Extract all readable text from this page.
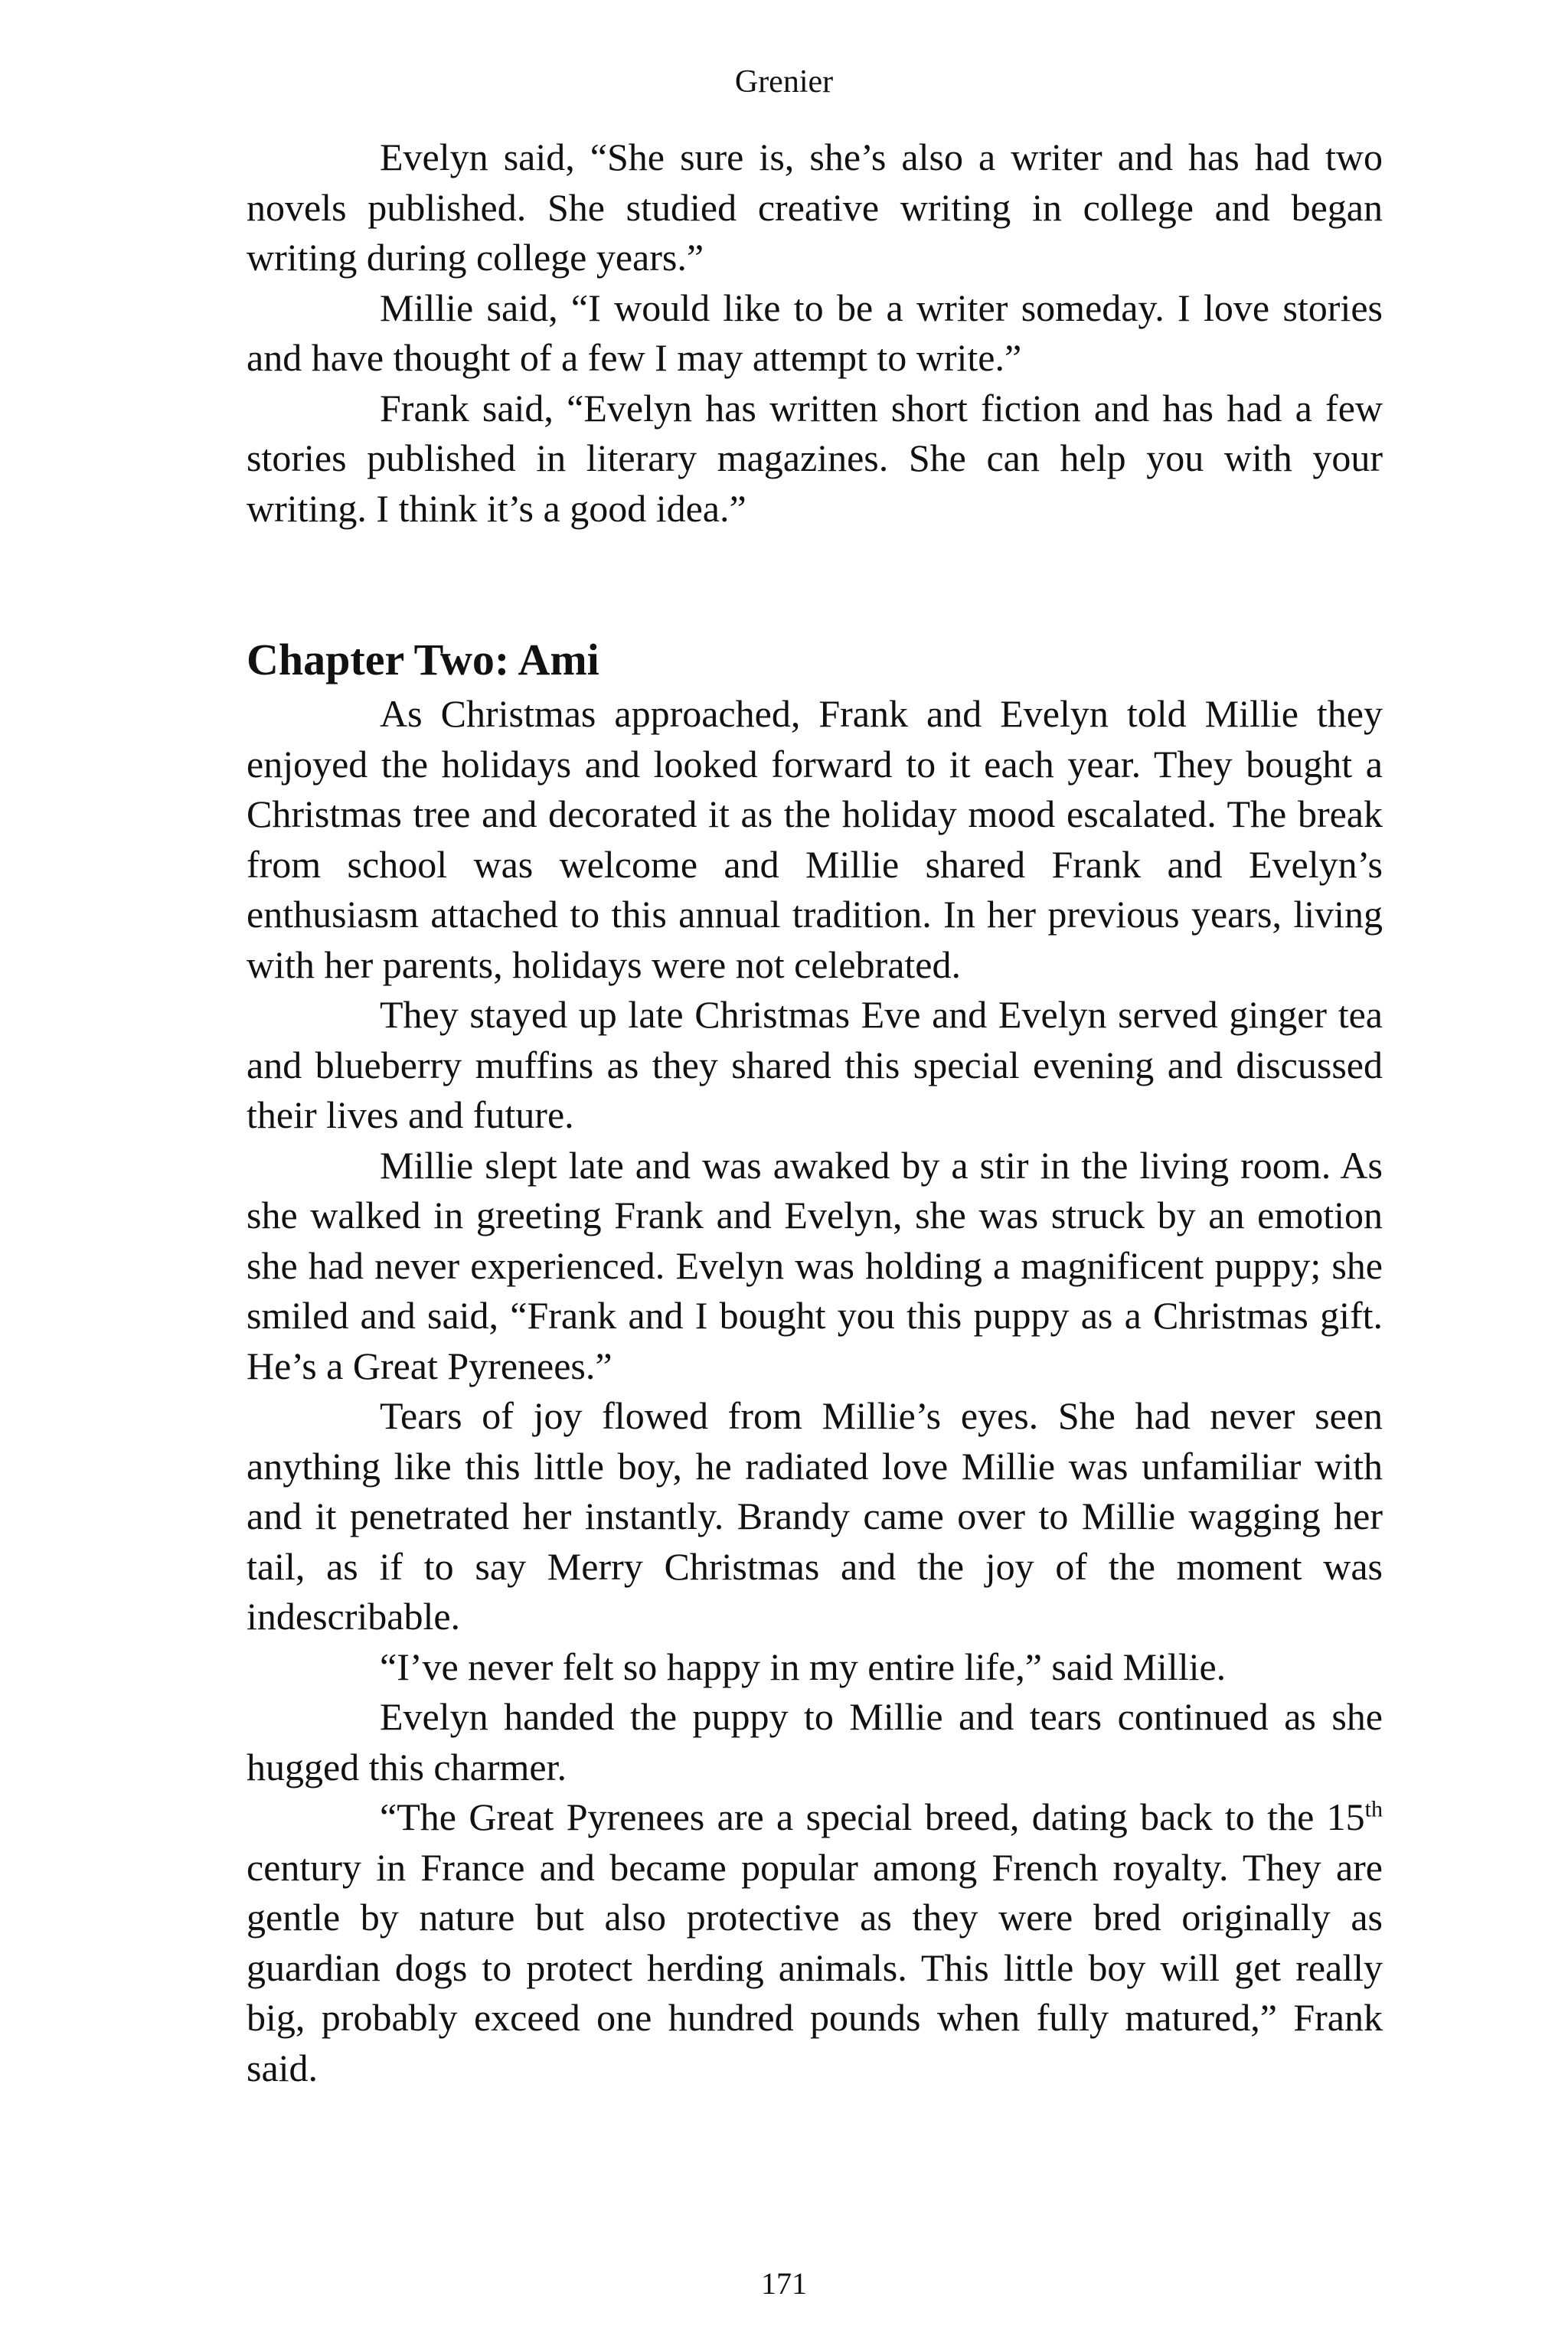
Grenier

Evelyn said, “She sure is, she’s also a writer and has had two novels published. She studied creative writing in college and began writing during college years.”

Millie said, “I would like to be a writer someday. I love stories and have thought of a few I may attempt to write.”

Frank said, “Evelyn has written short fiction and has had a few stories published in literary magazines. She can help you with your writing. I think it’s a good idea.”

Chapter Two: Ami

As Christmas approached, Frank and Evelyn told Millie they enjoyed the holidays and looked forward to it each year. They bought a Christmas tree and decorated it as the holiday mood escalated. The break from school was welcome and Millie shared Frank and Evelyn’s enthusiasm attached to this annual tradition. In her previous years, living with her parents, holidays were not celebrated.

They stayed up late Christmas Eve and Evelyn served ginger tea and blueberry muffins as they shared this special evening and discussed their lives and future.

Millie slept late and was awaked by a stir in the living room. As she walked in greeting Frank and Evelyn, she was struck by an emotion she had never experienced. Evelyn was holding a magnificent puppy; she smiled and said, “Frank and I bought you this puppy as a Christmas gift. He’s a Great Pyrenees.”

Tears of joy flowed from Millie’s eyes. She had never seen anything like this little boy, he radiated love Millie was unfamiliar with and it penetrated her instantly. Brandy came over to Millie wagging her tail, as if to say Merry Christmas and the joy of the moment was indescribable.

“I’ve never felt so happy in my entire life,” said Millie.

Evelyn handed the puppy to Millie and tears continued as she hugged this charmer.

“The Great Pyrenees are a special breed, dating back to the 15th century in France and became popular among French royalty. They are gentle by nature but also protective as they were bred originally as guardian dogs to protect herding animals. This little boy will get really big, probably exceed one hundred pounds when fully matured,” Frank said.

171
